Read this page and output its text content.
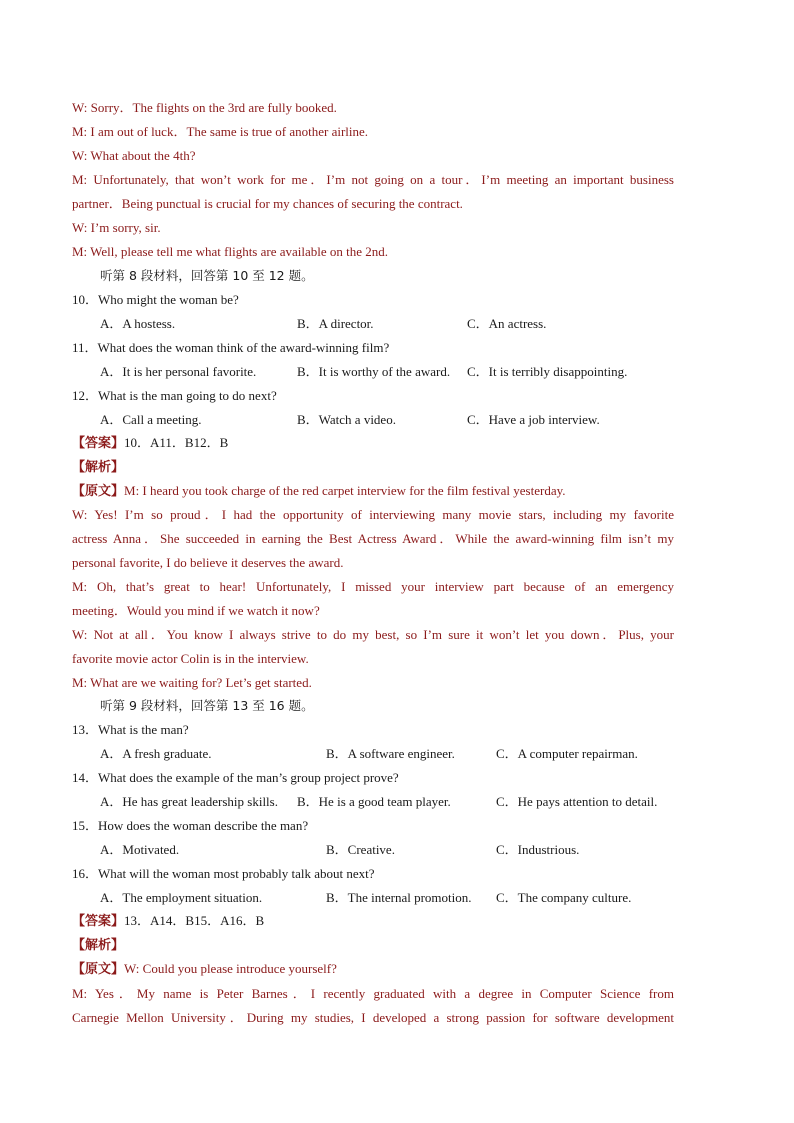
W: Sorry．The flights on the 3rd are fully booked.
M: I am out of luck．The same is true of another airline.
W: What about the 4th?
M: Unfortunately, that won’t work for me．I’m not going on a tour．I’m meeting an important business
partner．Being punctual is crucial for my chances of securing the contract.
W: I’m sorry, sir.
M: Well, please tell me what flights are available on the 2nd.
听第 8 段材料，回答第 10 至 12 题。
10．Who might the woman be?
A．A hostess.	B．A director.	C．An actress.
11．What does the woman think of the award-winning film?
A．It is her personal favorite.	B．It is worthy of the award. C．It is terribly disappointing.
12．What is the man going to do next?
A．Call a meeting.	B．Watch a video.	C．Have a job interview.
【答案】10．A11．B12．B
【解析】
【原文】M: I heard you took charge of the red carpet interview for the film festival yesterday.
W: Yes! I’m so proud．I had the opportunity of interviewing many movie stars, including my favorite
actress Anna．She succeeded in earning the Best Actress Award．While the award-winning film isn’t my
personal favorite, I do believe it deserves the award.
M: Oh, that’s great to hear! Unfortunately, I missed your interview part because of an emergency
meeting．Would you mind if we watch it now?
W: Not at all．You know I always strive to do my best, so I’m sure it won’t let you down．Plus, your
favorite movie actor Colin is in the interview.
M: What are we waiting for? Let’s get started.
听第 9 段材料，回答第 13 至 16 题。
13．What is the man?
A．A fresh graduate.	B．A software engineer.	C．A computer repairman.
14．What does the example of the man’s group project prove?
A．He has great leadership skills. B．He is a good team player.	C．He pays attention to detail.
15．How does the woman describe the man?
A．Motivated.	B．Creative.	C．Industrious.
16．What will the woman most probably talk about next?
A．The employment situation.	B．The internal promotion. C．The company culture.
【答案】13．A14．B15．A16．B
【解析】
【原文】W: Could you please introduce yourself?
M: Yes．My name is Peter Barnes．I recently graduated with a degree in Computer Science from
Carnegie Mellon University．During my studies, I developed a strong passion for software development
